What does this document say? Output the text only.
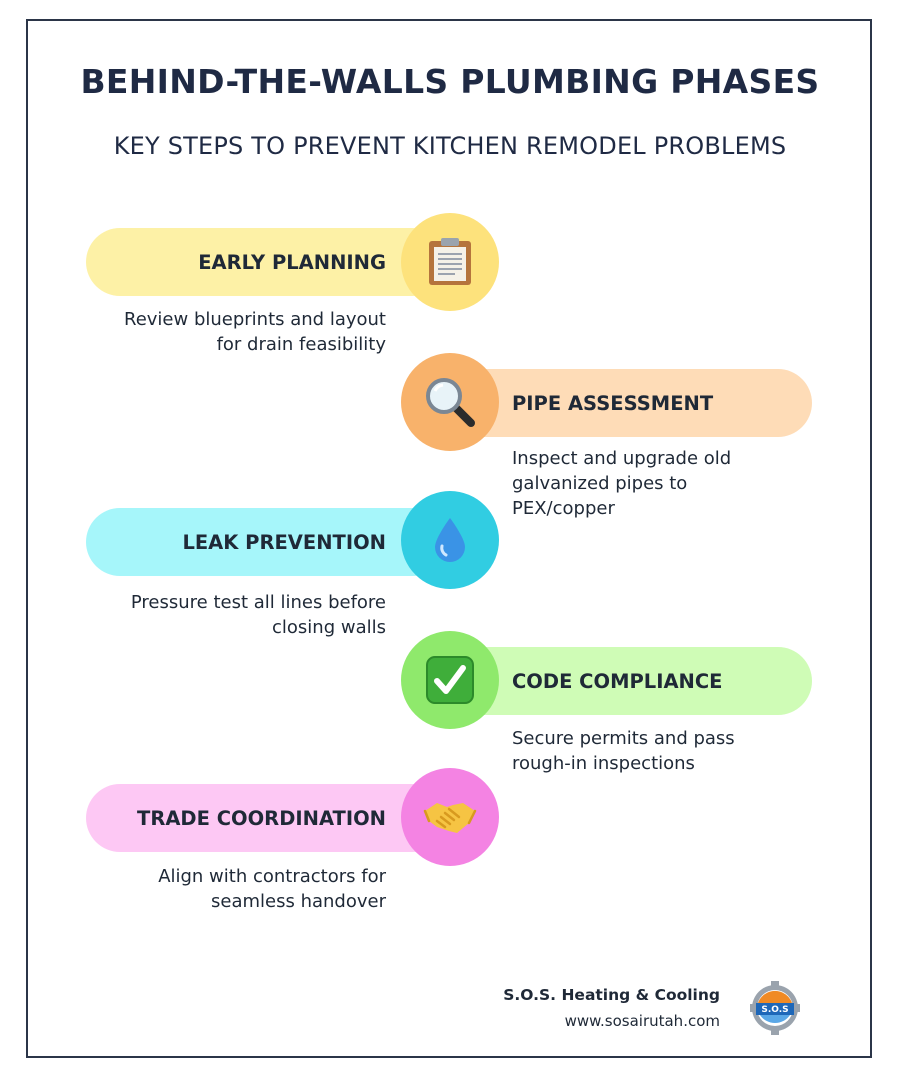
BEHIND-THE-WALLS PLUMBING PHASES
KEY STEPS TO PREVENT KITCHEN REMODEL PROBLEMS
EARLY PLANNING
Review blueprints and layout
for drain feasibility
PIPE ASSESSMENT
Inspect and upgrade old
galvanized pipes to
PEX/copper
LEAK PREVENTION
Pressure test all lines before
closing walls
CODE COMPLIANCE
Secure permits and pass
rough-in inspections
TRADE COORDINATION
Align with contractors for
seamless handover
S.O.S. Heating & Cooling
www.sosairutah.com
S.O.S
